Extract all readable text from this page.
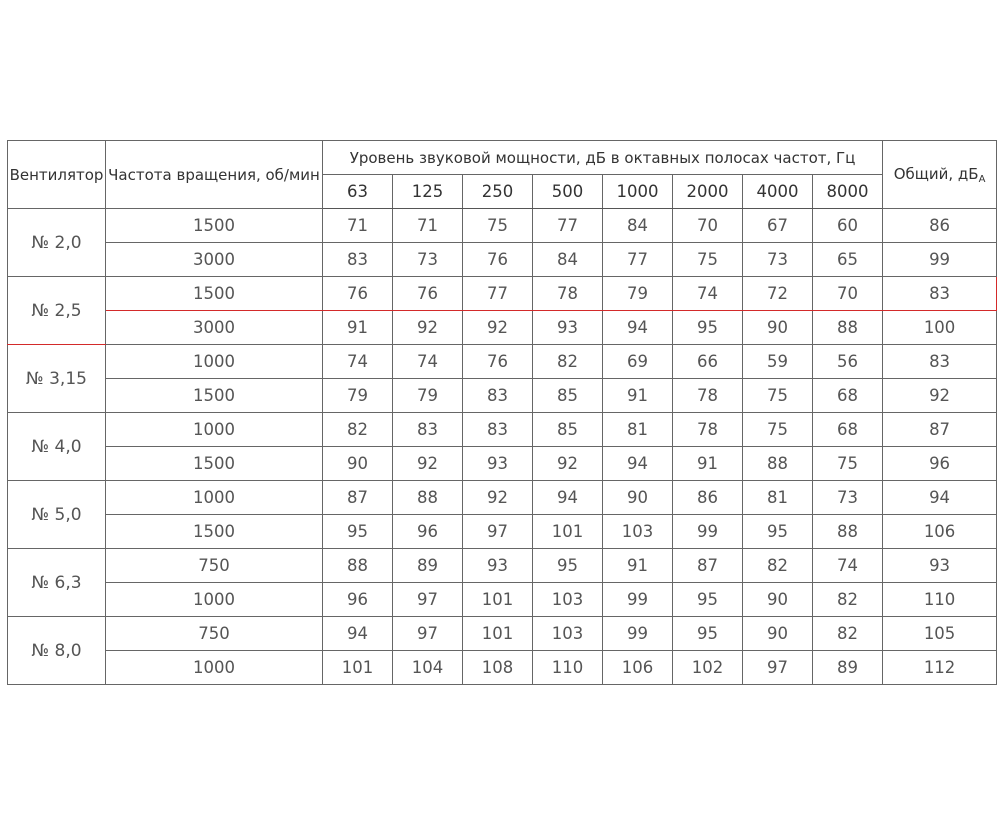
Вентилятор	Частота вращения, об/мин	Уровень звуковой мощности, дБ в октавных полосах частот, Гц								Общий, $дБ_A$
		63	125	250	500	1000	2000	4000	8000	
№ 2,0	1500	71	71	75	77	84	70	67	60	86
	3000	83	73	76	84	77	75	73	65	99
№ 2,5	1500	76	76	77	78	79	74	72	70	83
	3000	91	92	92	93	94	95	90	88	100
№ 3,15	1000	74	74	76	82	69	66	59	56	83
	1500	79	79	83	85	91	78	75	68	92
№ 4,0	1000	82	83	83	85	81	78	75	68	87
	1500	90	92	93	92	94	91	88	75	96
№ 5,0	1000	87	88	92	94	90	86	81	73	94
	1500	95	96	97	101	103	99	95	88	106
№ 6,3	750	88	89	93	95	91	87	82	74	93
	1000	96	97	101	103	99	95	90	82	110
№ 8,0	750	94	97	101	103	99	95	90	82	105
	1000	101	104	108	110	106	102	97	89	112
